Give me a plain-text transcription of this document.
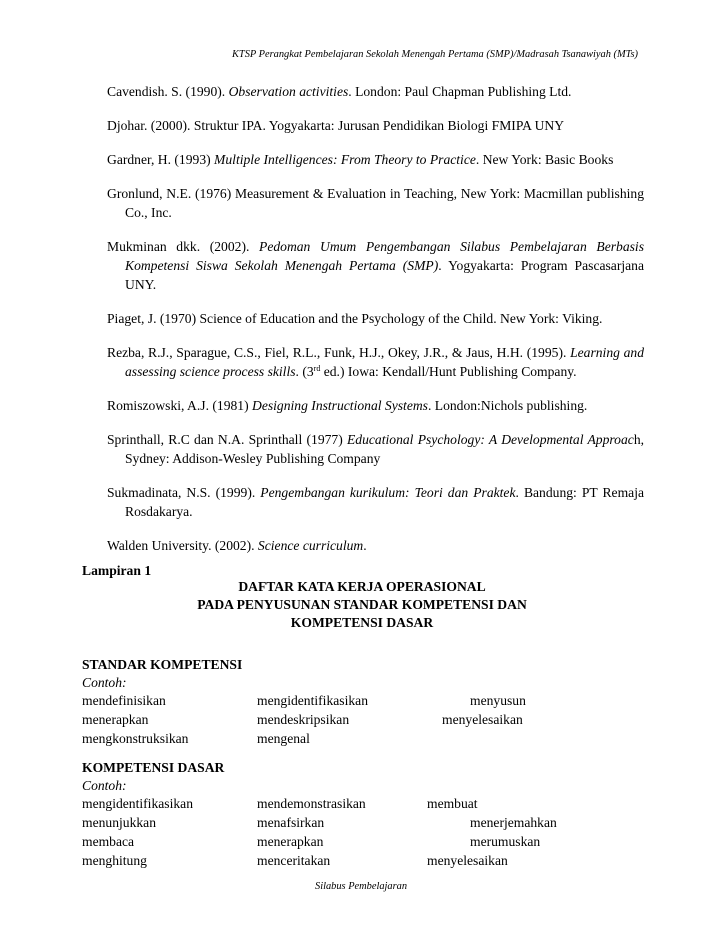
KTSP Perangkat Pembelajaran Sekolah Menengah Pertama (SMP)/Madrasah Tsanawiyah (MTs)

Cavendish. S. (1990). Observation activities. London: Paul Chapman Publishing Ltd.

Djohar. (2000). Struktur IPA. Yogyakarta: Jurusan Pendidikan Biologi FMIPA UNY

Gardner, H. (1993) Multiple Intelligences: From Theory to Practice. New York: Basic Books

Gronlund, N.E. (1976) Measurement & Evaluation in Teaching, New York: Macmillan publishing Co., Inc.

Mukminan dkk. (2002). Pedoman Umum Pengembangan Silabus Pembelajaran Berbasis Kompetensi Siswa Sekolah Menengah Pertama (SMP). Yogyakarta: Program Pascasarjana UNY.

Piaget, J. (1970) Science of Education and the Psychology of the Child. New York: Viking.

Rezba, R.J., Sparague, C.S., Fiel, R.L., Funk, H.J., Okey, J.R., & Jaus, H.H. (1995). Learning and assessing science process skills. (3rd ed.) Iowa: Kendall/Hunt Publishing Company.

Romiszowski, A.J. (1981) Designing Instructional Systems. London:Nichols publishing.

Sprinthall, R.C dan N.A. Sprinthall (1977) Educational Psychology: A Developmental Approach, Sydney: Addison-Wesley Publishing Company

Sukmadinata, N.S. (1999). Pengembangan kurikulum: Teori dan Praktek. Bandung: PT Remaja Rosdakarya.

Walden University. (2002). Science curriculum.

Lampiran 1
DAFTAR KATA KERJA OPERASIONAL
PADA PENYUSUNAN STANDAR KOMPETENSI DAN
KOMPETENSI DASAR
STANDAR KOMPETENSI
Contoh:
mendefinisikan	mengidentifikasikan	menyusun
menerapkan	mendeskripsikan	menyelesaikan
mengkonstruksikan	mengenal
KOMPETENSI DASAR
Contoh:
mengidentifikasikan	mendemonstrasikan	membuat
menunjukkan	menafsirkan	menerjemahkan
membaca	menerapkan	merumuskan
menghitung	menceritakan	menyelesaikan
Silabus Pembelajaran
